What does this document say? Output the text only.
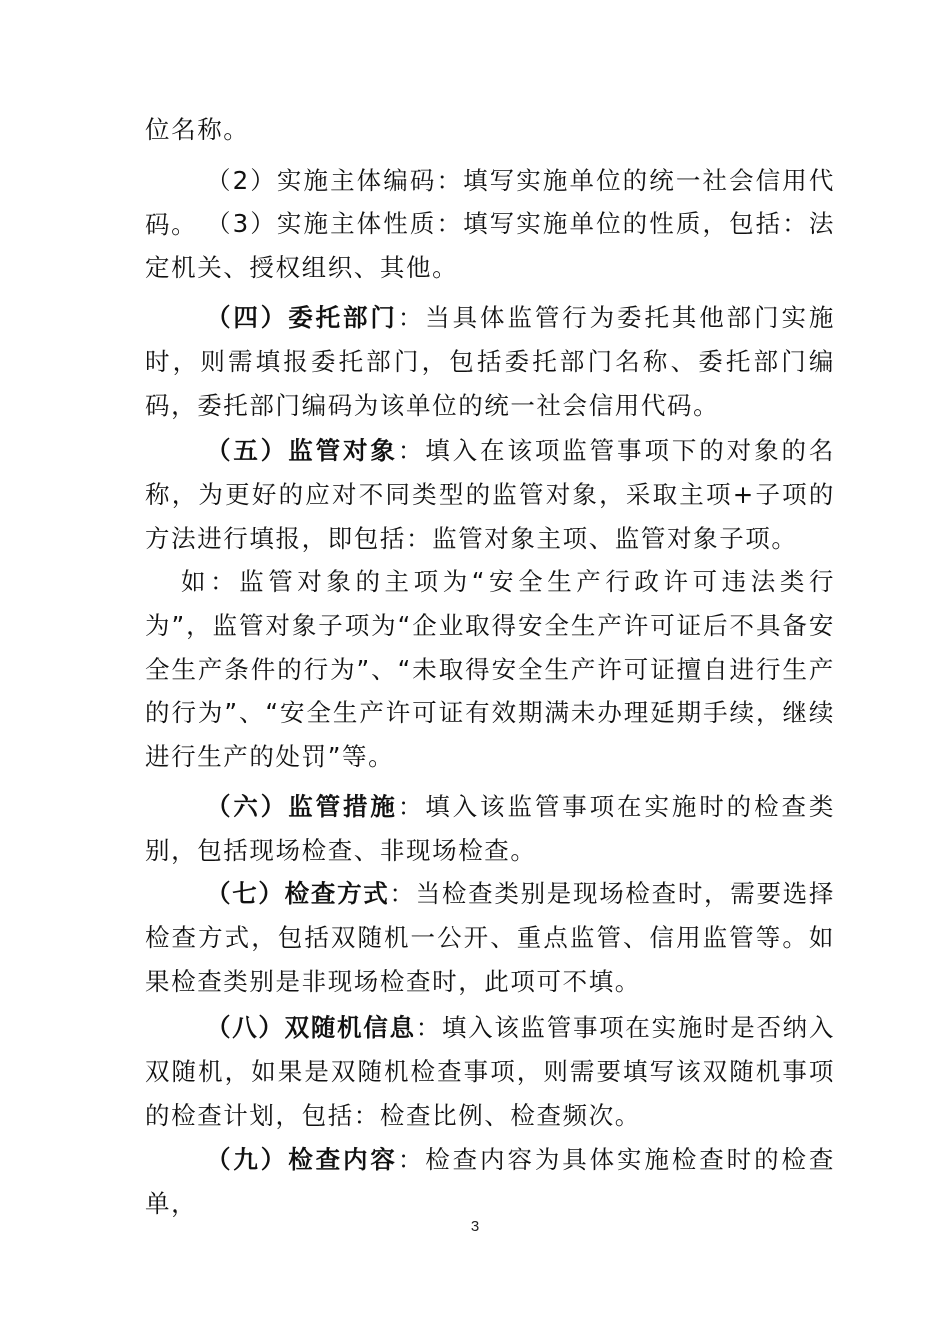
位名称。

（2）实施主体编码：填写实施单位的统一社会信用代码。 （3）实施主体性质：填写实施单位的性质，包括：法定机关、授权组织、其他。

（四）委托部门：当具体监管行为委托其他部门实施时，则需填报委托部门，包括委托部门名称、委托部门编码，委托部门编码为该单位的统一社会信用代码。

（五）监管对象：填入在该项监管事项下的对象的名称，为更好的应对不同类型的监管对象，采取主项+子项的方法进行填报，即包括：监管对象主项、监管对象子项。

如：监管对象的主项为“安全生产行政许可违法类行为”，监管对象子项为“企业取得安全生产许可证后不具备安全生产条件的行为”、“未取得安全生产许可证擅自进行生产的行为”、“安全生产许可证有效期满未办理延期手续，继续进行生产的处罚”等。

（六）监管措施：填入该监管事项在实施时的检查类别，包括现场检查、非现场检查。

（七）检查方式：当检查类别是现场检查时，需要选择检查方式，包括双随机一公开、重点监管、信用监管等。如果检查类别是非现场检查时，此项可不填。

（八）双随机信息：填入该监管事项在实施时是否纳入双随机，如果是双随机检查事项，则需要填写该双随机事项的检查计划，包括：检查比例、检查频次。

（九）检查内容：检查内容为具体实施检查时的检查单，

3
